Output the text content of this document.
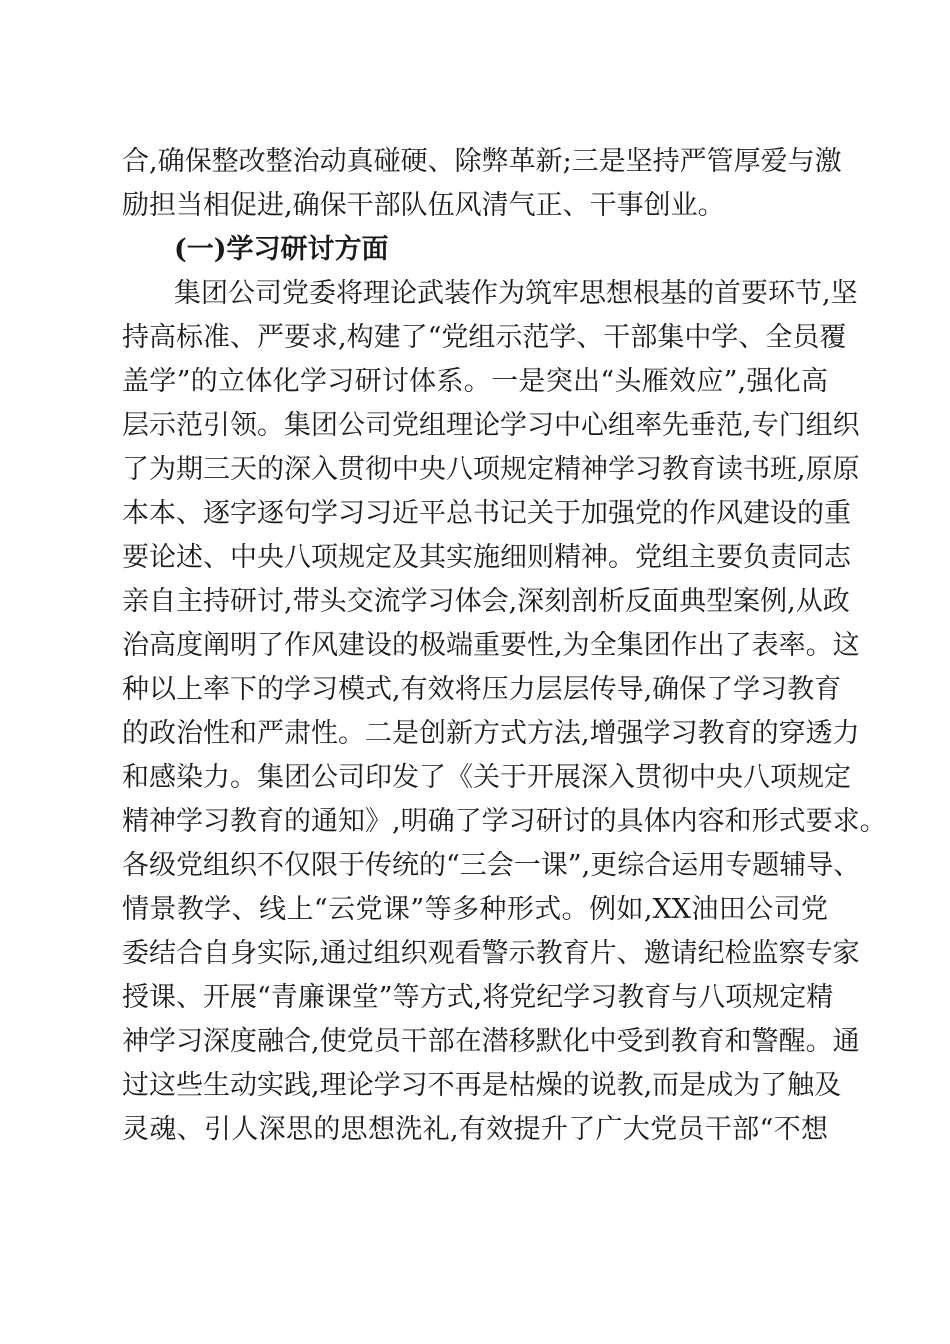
合,确保整改整治动真碰硬、除弊革新;三是坚持严管厚爱与激
励担当相促进,确保干部队伍风清气正、干事创业。
(一)学习研讨方面
集团公司党委将理论武装作为筑牢思想根基的首要环节,坚
持高标准、严要求,构建了“党组示范学、干部集中学、全员覆
盖学”的立体化学习研讨体系。一是突出“头雁效应”,强化高
层示范引领。集团公司党组理论学习中心组率先垂范,专门组织
了为期三天的深入贯彻中央八项规定精神学习教育读书班,原原
本本、逐字逐句学习习近平总书记关于加强党的作风建设的重
要论述、中央八项规定及其实施细则精神。党组主要负责同志
亲自主持研讨,带头交流学习体会,深刻剖析反面典型案例,从政
治高度阐明了作风建设的极端重要性,为全集团作出了表率。这
种以上率下的学习模式,有效将压力层层传导,确保了学习教育
的政治性和严肃性。二是创新方式方法,增强学习教育的穿透力
和感染力。集团公司印发了《关于开展深入贯彻中央八项规定
精神学习教育的通知》,明确了学习研讨的具体内容和形式要求。
各级党组织不仅限于传统的“三会一课”,更综合运用专题辅导、
情景教学、线上“云党课”等多种形式。例如,XX油田公司党
委结合自身实际,通过组织观看警示教育片、邀请纪检监察专家
授课、开展“青廉课堂”等方式,将党纪学习教育与八项规定精
神学习深度融合,使党员干部在潜移默化中受到教育和警醒。通
过这些生动实践,理论学习不再是枯燥的说教,而是成为了触及
灵魂、引人深思的思想洗礼,有效提升了广大党员干部“不想
